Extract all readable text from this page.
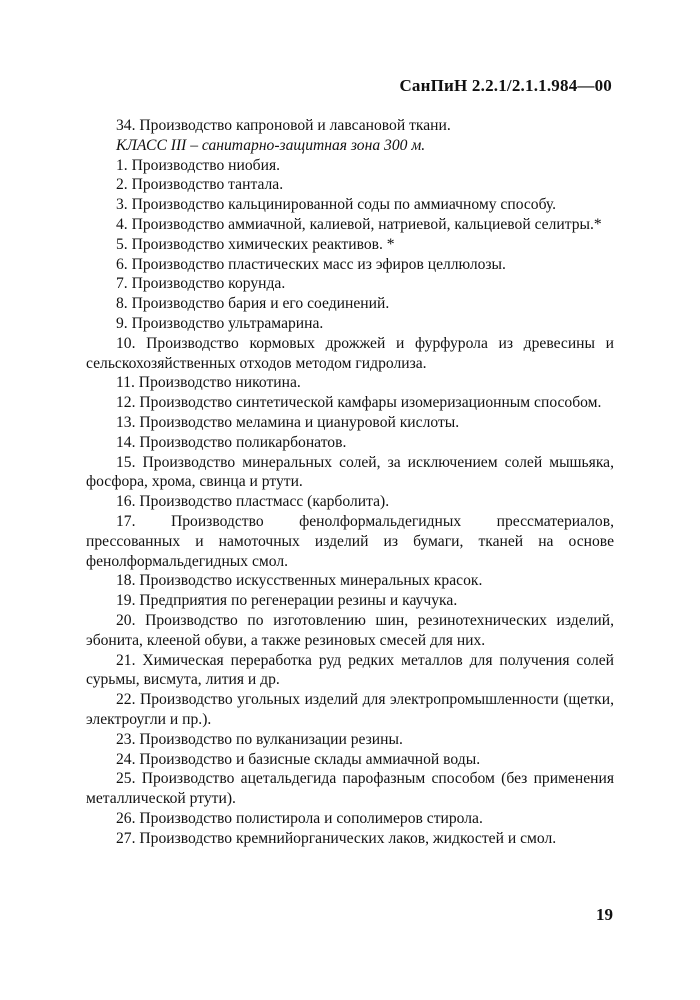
СанПиН 2.2.1/2.1.1.984—00

34. Производство капроновой и лавсановой ткани.

КЛАСС III – санитарно-защитная зона 300 м.

1. Производство ниобия.

2. Производство тантала.

3. Производство кальцинированной соды по аммиачному способу.

4. Производство аммиачной, калиевой, натриевой, кальциевой селитры.*

5. Производство химических реактивов. *

6. Производство пластических масс из эфиров целлюлозы.

7. Производство корунда.

8. Производство бария и его соединений.

9. Производство ультрамарина.

10. Производство кормовых дрожжей и фурфурола из древесины и сельскохозяйственных отходов методом гидролиза.

11. Производство никотина.

12. Производство синтетической камфары изомеризационным способом.

13. Производство меламина и циануровой кислоты.

14. Производство поликарбонатов.

15. Производство минеральных солей, за исключением солей мышьяка, фосфора, хрома, свинца и ртути.

16. Производство пластмасс (карболита).

17. Производство фенолформальдегидных прессматериалов, прессованных и намоточных изделий из бумаги, тканей на основе фенолформальдегидных смол.

18. Производство искусственных минеральных красок.

19. Предприятия по регенерации резины и каучука.

20. Производство по изготовлению шин, резинотехнических изделий, эбонита, клееной обуви, а также резиновых смесей для них.

21. Химическая переработка руд редких металлов для получения солей сурьмы, висмута, лития и др.

22. Производство угольных изделий для электропромышленности (щетки, электроугли и пр.).

23. Производство по вулканизации резины.

24. Производство и базисные склады аммиачной воды.

25. Производство ацетальдегида парофазным способом (без применения металлической ртути).

26. Производство полистирола и сополимеров стирола.

27. Производство кремнийорганических лаков, жидкостей и смол.

19
